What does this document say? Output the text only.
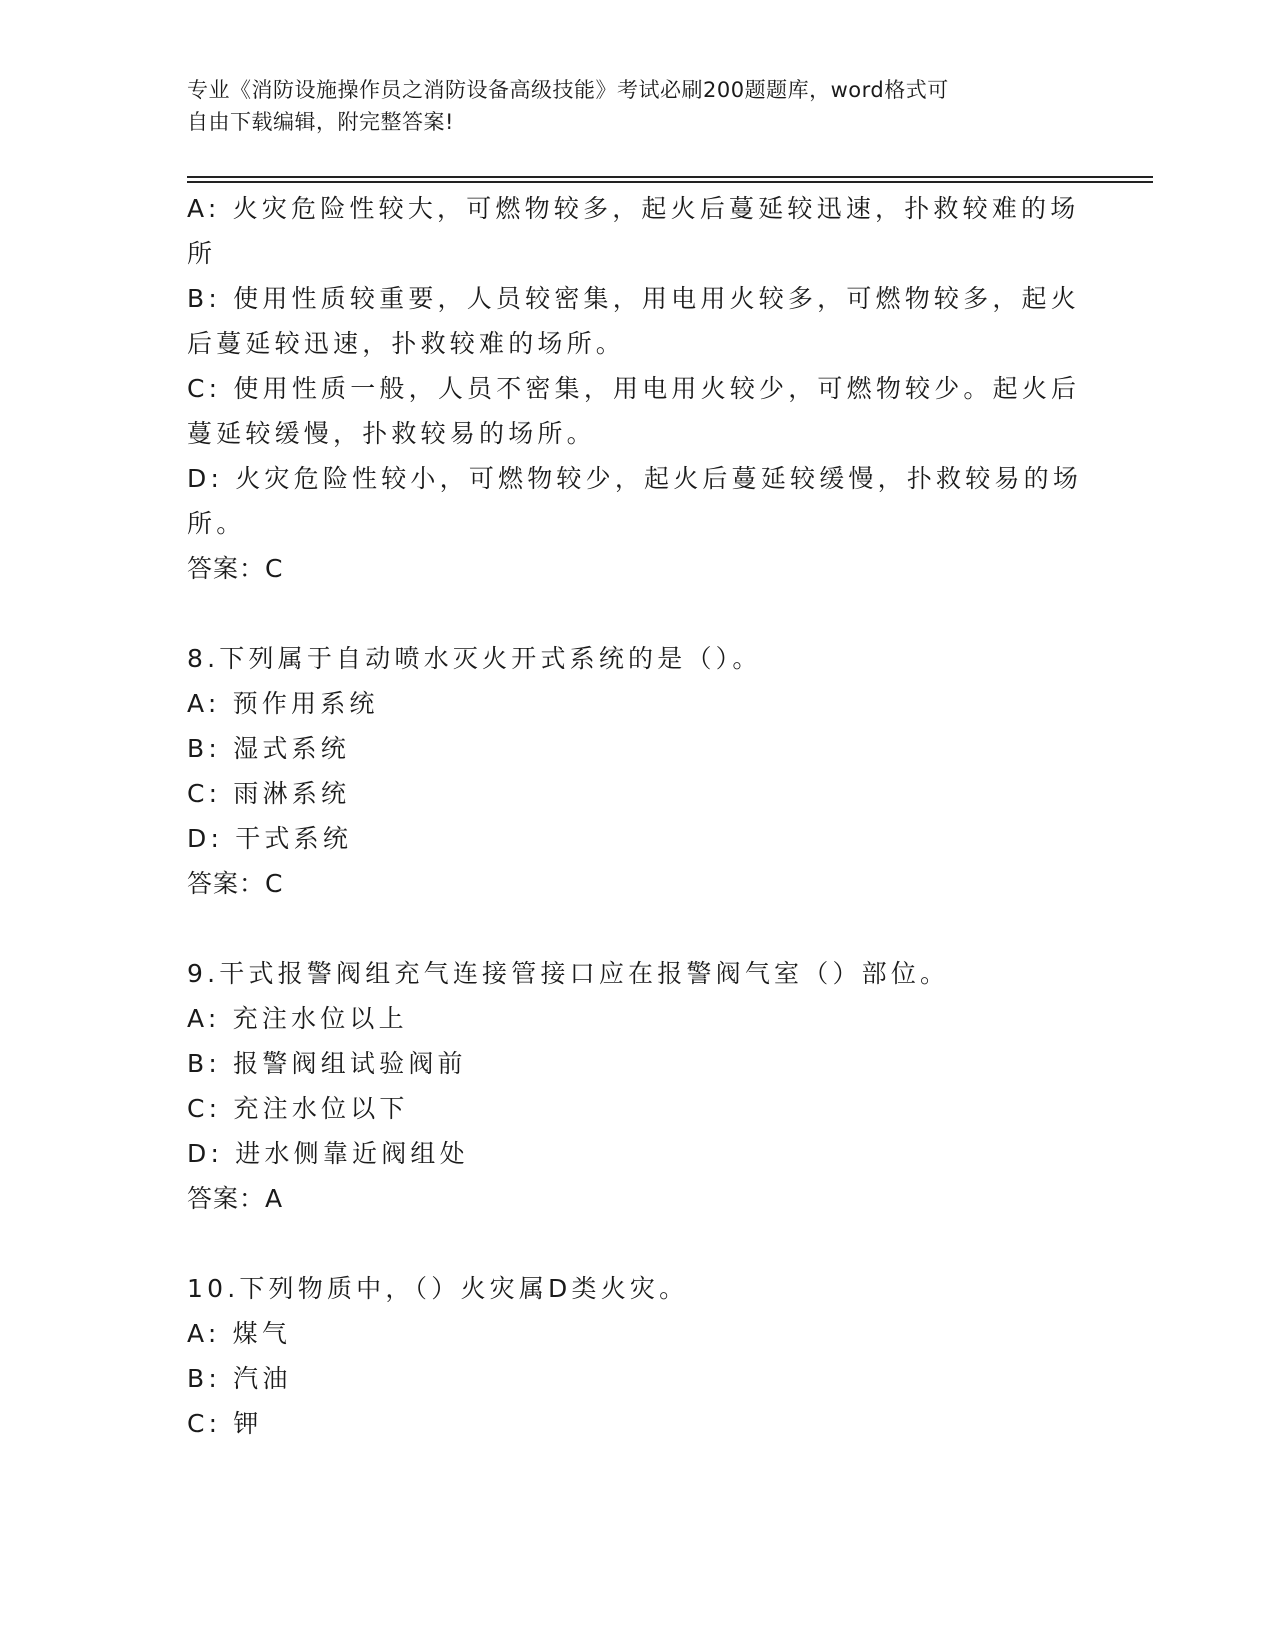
专业《消防设施操作员之消防设备高级技能》考试必刷200题题库，word格式可
自由下载编辑，附完整答案!
A: 火灾危险性较大，可燃物较多，起火后蔓延较迅速，扑救较难的场
所
B: 使用性质较重要，人员较密集，用电用火较多，可燃物较多，起火
后蔓延较迅速，扑救较难的场所。
C: 使用性质一般，人员不密集，用电用火较少，可燃物较少。起火后
蔓延较缓慢，扑救较易的场所。
D: 火灾危险性较小，可燃物较少，起火后蔓延较缓慢，扑救较易的场
所。
答案：C
8.下列属于自动喷水灭火开式系统的是（）。
A: 预作用系统
B: 湿式系统
C: 雨淋系统
D: 干式系统
答案：C
9.干式报警阀组充气连接管接口应在报警阀气室（）部位。
A: 充注水位以上
B: 报警阀组试验阀前
C: 充注水位以下
D: 进水侧靠近阀组处
答案：A
10.下列物质中，（）火灾属D类火灾。
A: 煤气
B: 汽油
C: 钾
